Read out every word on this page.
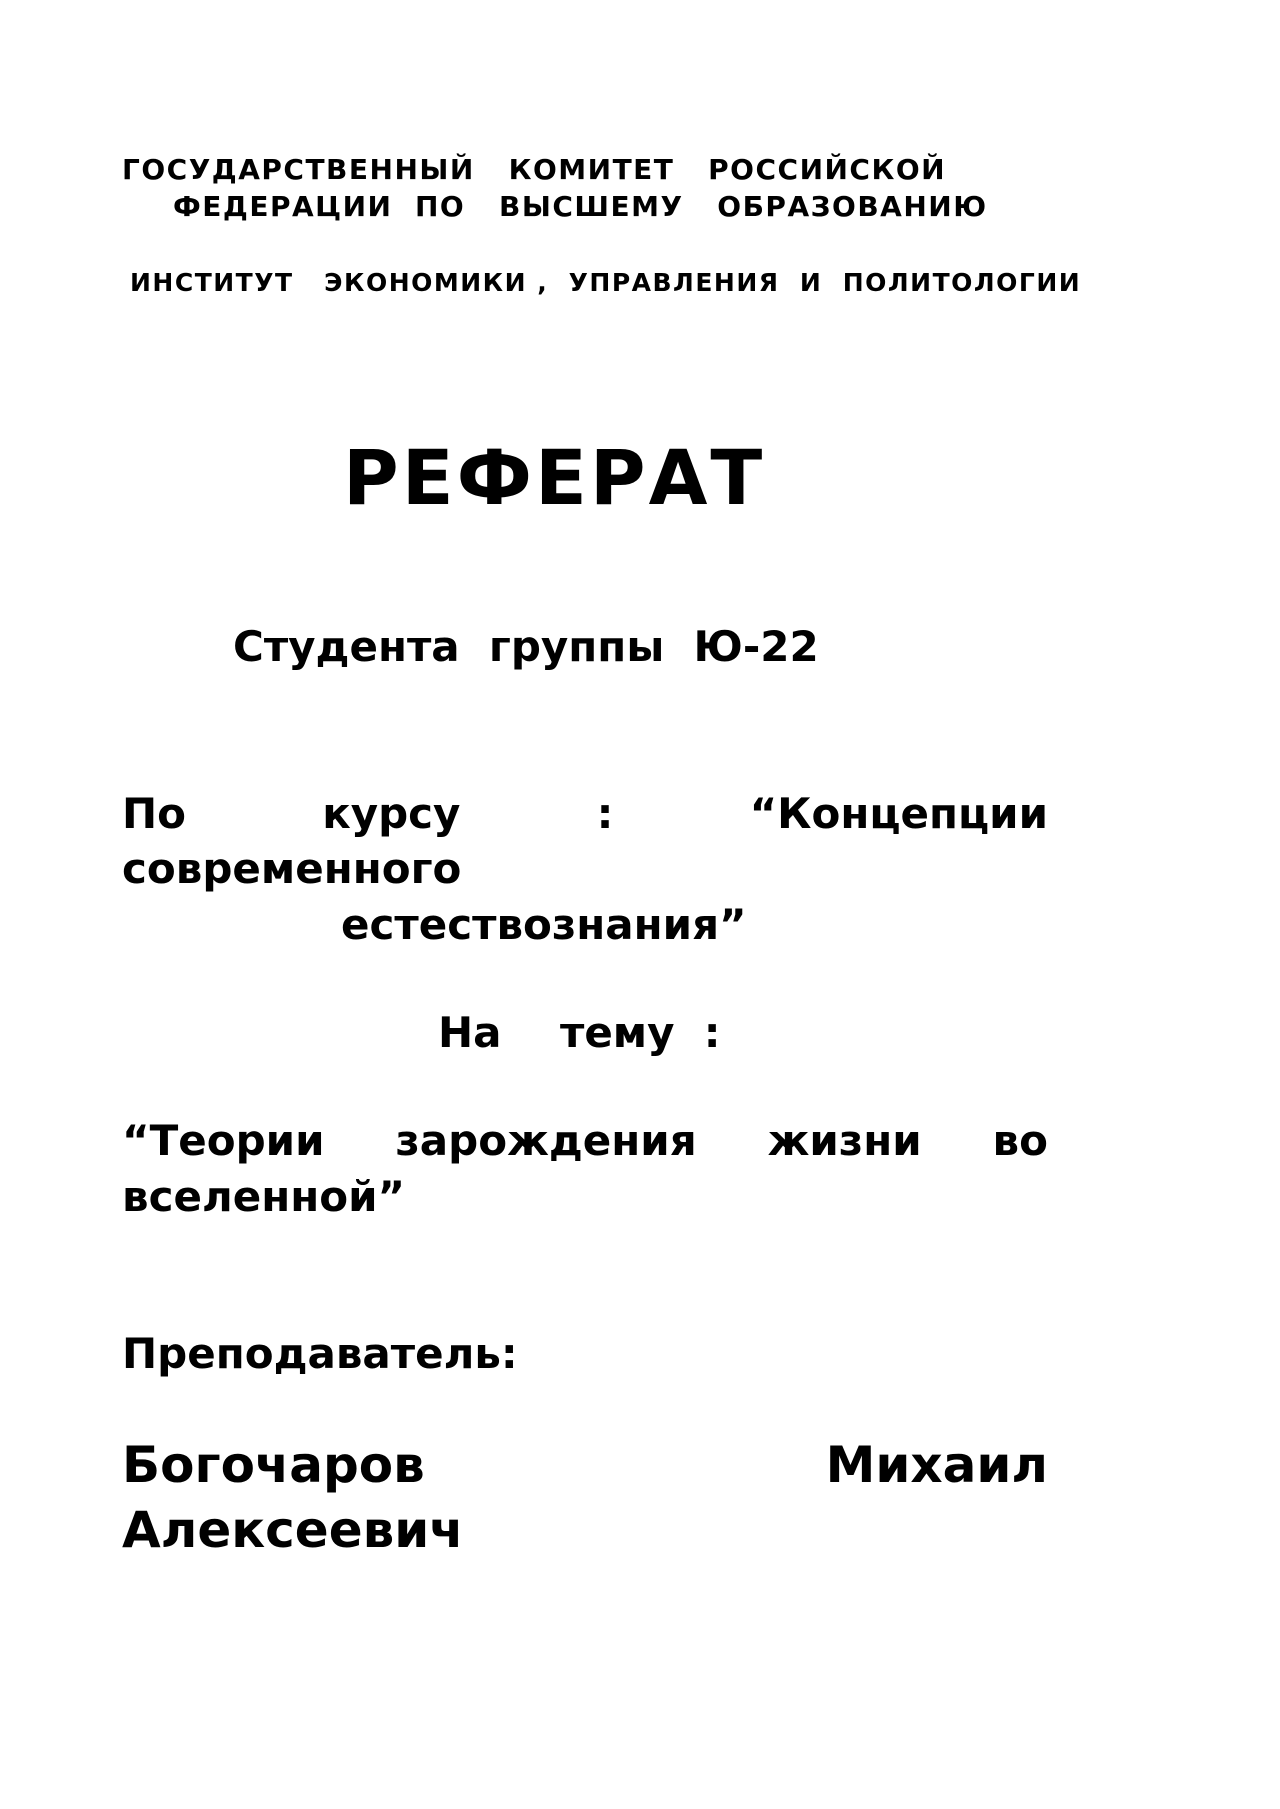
ГОСУДАРСТВЕННЫЙ   КОМИТЕТ   РОССИЙСКОЙ

ФЕДЕРАЦИИ  ПО   ВЫСШЕМУ   ОБРАЗОВАНИЮ

ИНСТИТУТ   ЭКОНОМИКИ ,  УПРАВЛЕНИЯ  И  ПОЛИТОЛОГИИ

РЕФЕРАТ

Студента  группы  Ю-22

По	курсу	:	“Концепции

современного

естествознания”

На    тему  :

“Теории зарождения жизни во

вселенной”

Преподаватель:

Богочаров	Михаил

Алексеевич
